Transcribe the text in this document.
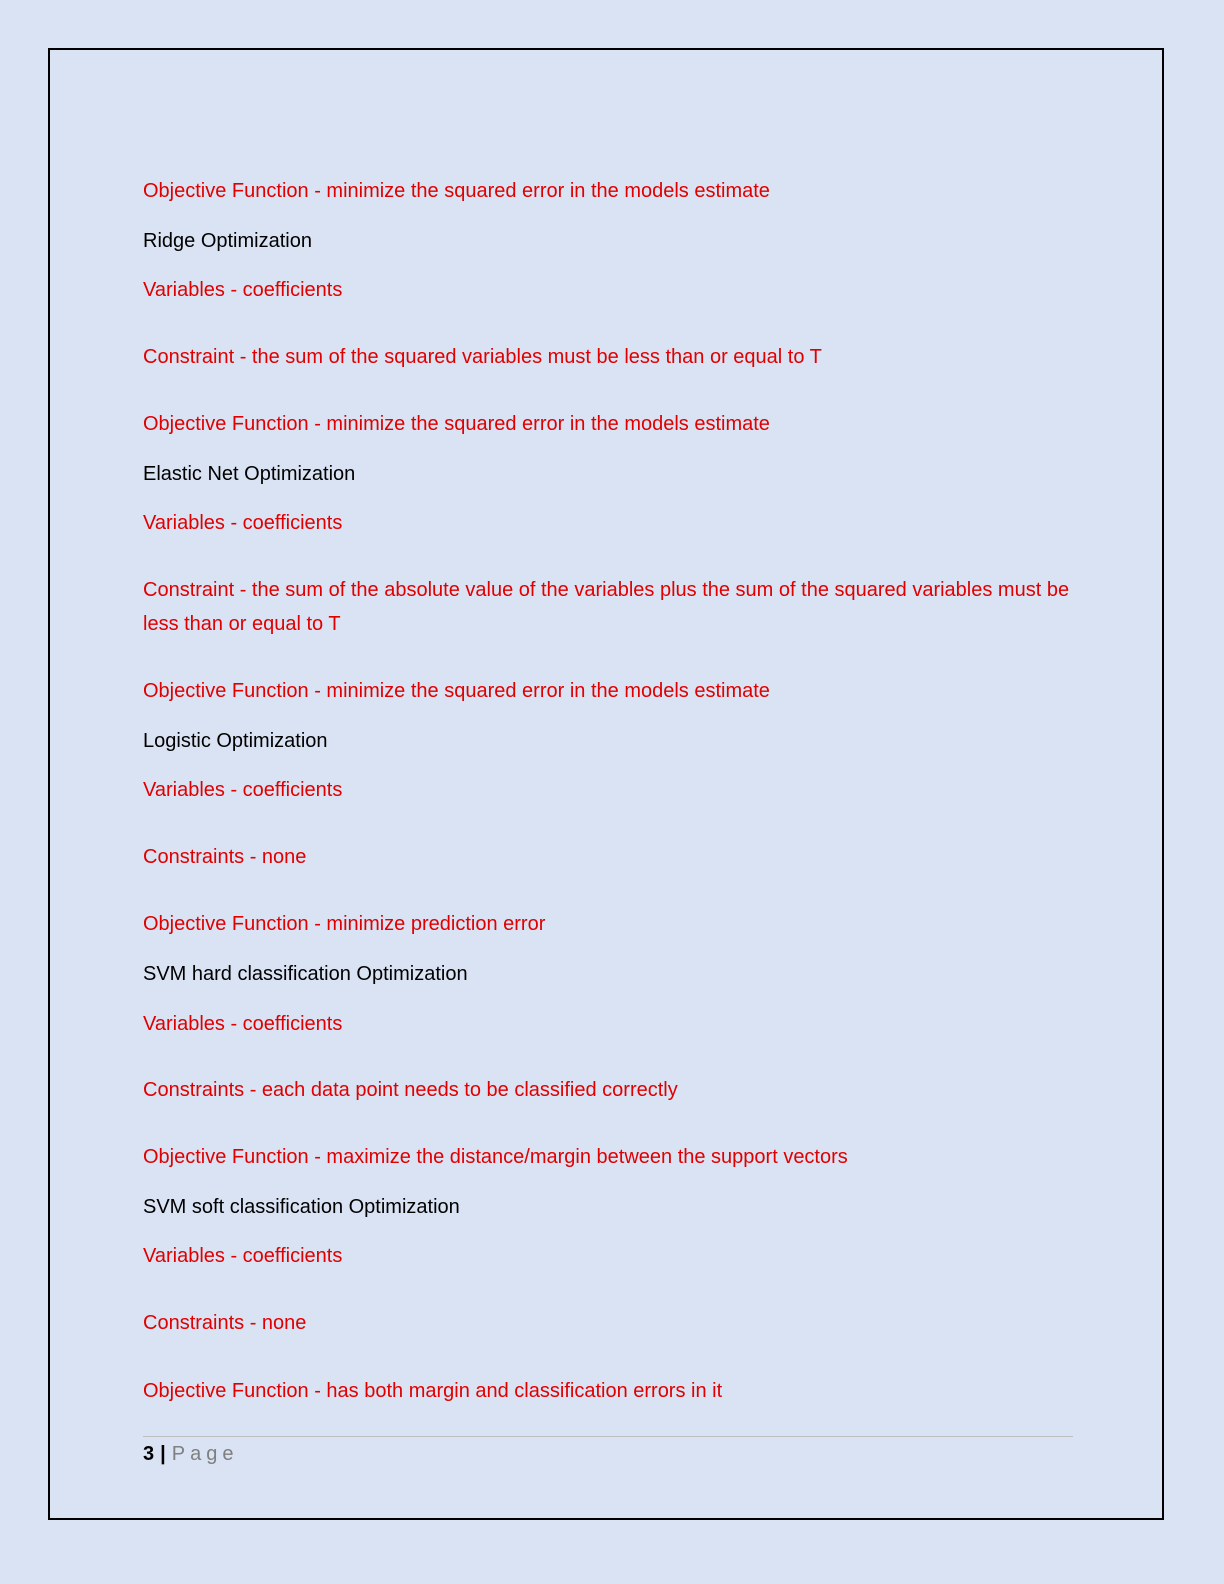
Objective Function - minimize the squared error in the models estimate

Ridge Optimization

Variables - coefficients

Constraint - the sum of the squared variables must be less than or equal to T

Objective Function - minimize the squared error in the models estimate

Elastic Net Optimization

Variables - coefficients

Constraint - the sum of the absolute value of the variables plus the sum of the squared variables must be less than or equal to T

Objective Function - minimize the squared error in the models estimate

Logistic Optimization

Variables - coefficients

Constraints - none

Objective Function - minimize prediction error

SVM hard classification Optimization

Variables - coefficients

Constraints - each data point needs to be classified correctly

Objective Function - maximize the distance/margin between the support vectors

SVM soft classification Optimization

Variables - coefficients

Constraints - none

Objective Function - has both margin and classification errors in it

3 | Page
